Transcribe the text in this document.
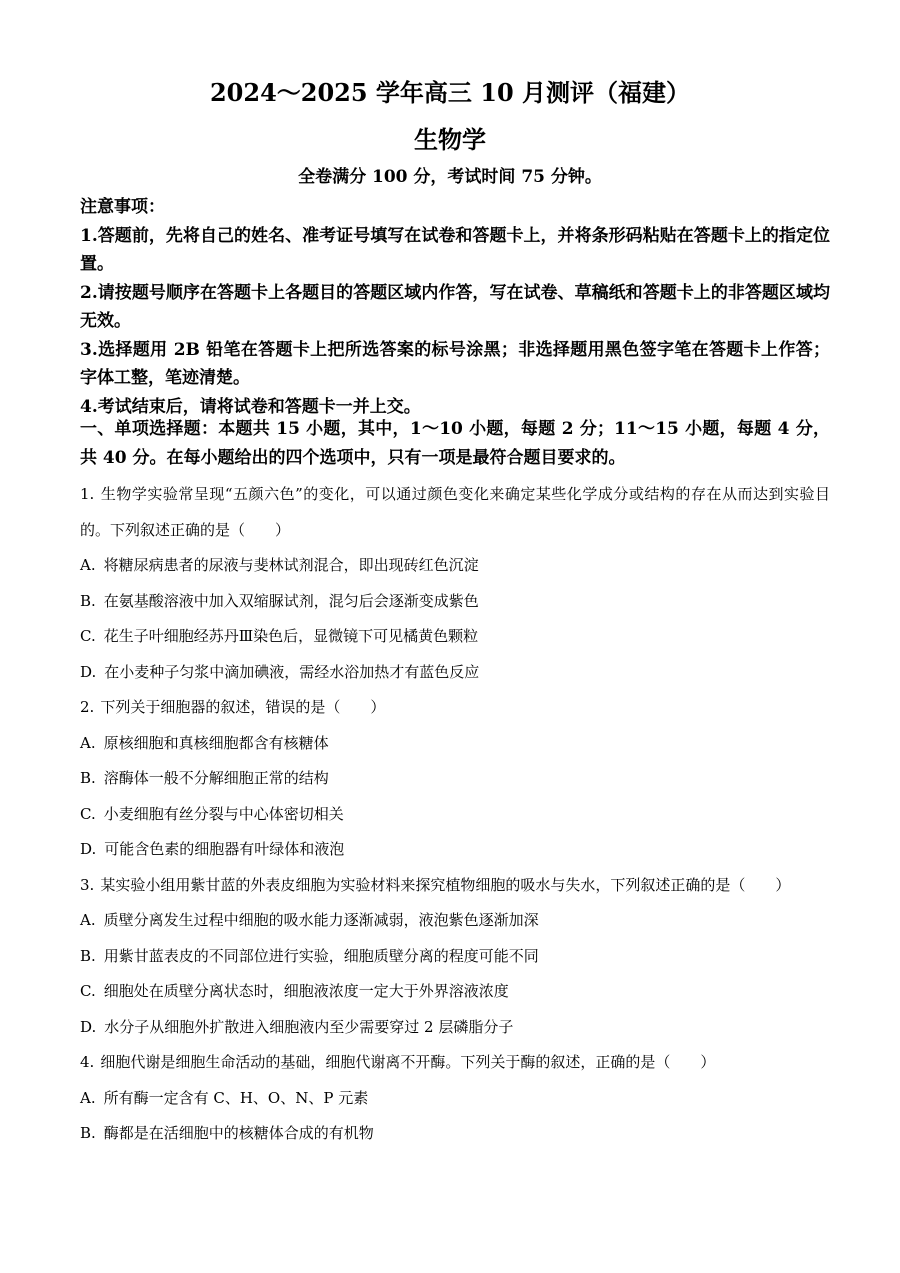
2024～2025 学年高三 10 月测评（福建）
生物学
全卷满分 100 分，考试时间 75 分钟。

注意事项：

1.答题前，先将自己的姓名、准考证号填写在试卷和答题卡上，并将条形码粘贴在答题卡上的指定位置。

2.请按题号顺序在答题卡上各题目的答题区域内作答，写在试卷、草稿纸和答题卡上的非答题区域均无效。

3.选择题用 2B 铅笔在答题卡上把所选答案的标号涂黑；非选择题用黑色签字笔在答题卡上作答；字体工整，笔迹清楚。

4.考试结束后，请将试卷和答题卡一并上交。

一、单项选择题：本题共 15 小题，其中，1～10 小题，每题 2 分；11～15 小题，每题 4 分，共 40 分。在每小题给出的四个选项中，只有一项是最符合题目要求的。

1. 生物学实验常呈现“五颜六色”的变化，可以通过颜色变化来确定某些化学成分或结构的存在从而达到实验目的。下列叙述正确的是（　　）

A. 将糖尿病患者的尿液与斐林试剂混合，即出现砖红色沉淀

B. 在氨基酸溶液中加入双缩脲试剂，混匀后会逐渐变成紫色

C. 花生子叶细胞经苏丹Ⅲ染色后，显微镜下可见橘黄色颗粒

D. 在小麦种子匀浆中滴加碘液，需经水浴加热才有蓝色反应

2. 下列关于细胞器的叙述，错误的是（　　）

A. 原核细胞和真核细胞都含有核糖体

B. 溶酶体一般不分解细胞正常的结构

C. 小麦细胞有丝分裂与中心体密切相关

D. 可能含色素的细胞器有叶绿体和液泡

3. 某实验小组用紫甘蓝的外表皮细胞为实验材料来探究植物细胞的吸水与失水，下列叙述正确的是（　　）

A. 质壁分离发生过程中细胞的吸水能力逐渐减弱，液泡紫色逐渐加深

B. 用紫甘蓝表皮的不同部位进行实验，细胞质壁分离的程度可能不同

C. 细胞处在质壁分离状态时，细胞液浓度一定大于外界溶液浓度

D. 水分子从细胞外扩散进入细胞液内至少需要穿过 2 层磷脂分子

4. 细胞代谢是细胞生命活动的基础，细胞代谢离不开酶。下列关于酶的叙述，正确的是（　　）

A. 所有酶一定含有 C、H、O、N、P 元素

B. 酶都是在活细胞中的核糖体合成的有机物
